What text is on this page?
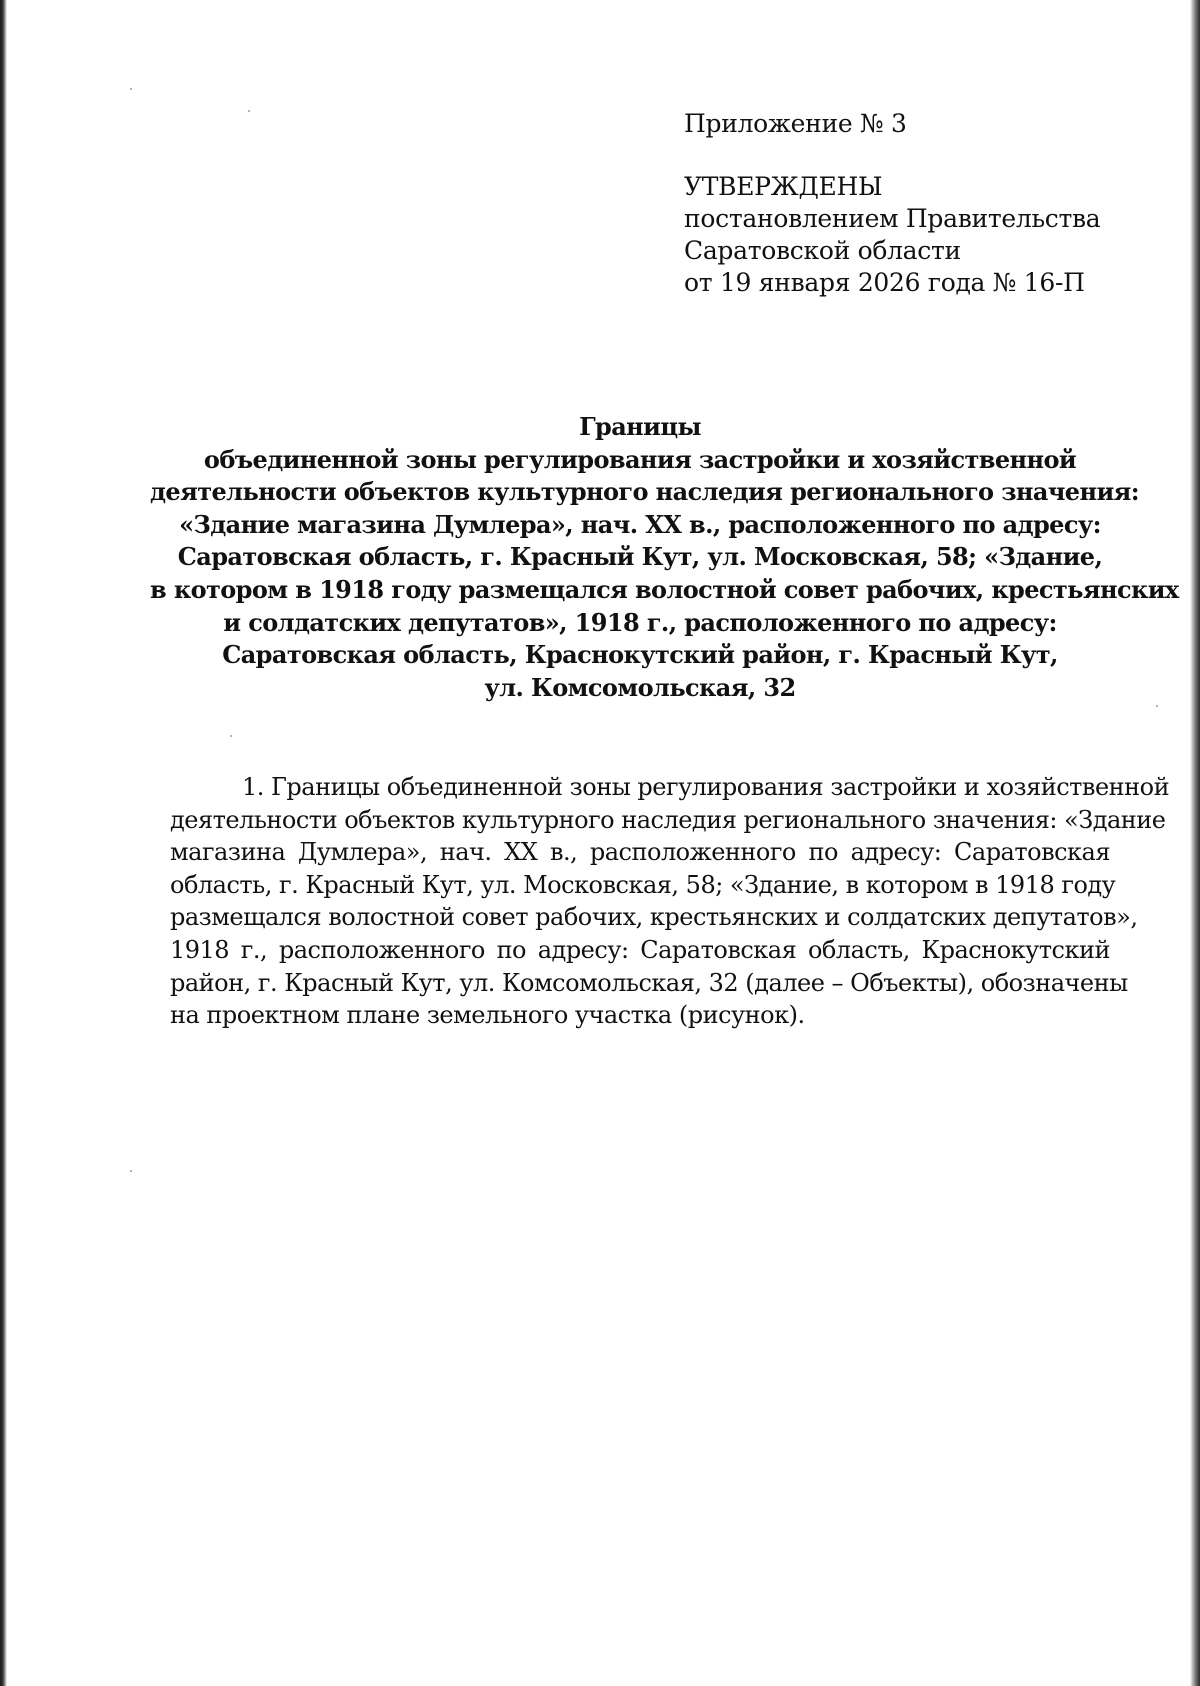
Приложение № 3
УТВЕРЖДЕНЫ
постановлением Правительства
Саратовской области
от 19 января 2026 года № 16-П
Границы
объединенной зоны регулирования застройки и хозяйственной
деятельности объектов культурного наследия регионального значения:
«Здание магазина Думлера», нач. XX в., расположенного по адресу:
Саратовская область, г. Красный Кут, ул. Московская, 58; «Здание,
в котором в 1918 году размещался волостной совет рабочих, крестьянских
и солдатских депутатов», 1918 г., расположенного по адресу:
Саратовская область, Краснокутский район, г. Красный Кут,
ул. Комсомольская, 32
1. Границы объединенной зоны регулирования застройки и хозяйственной
деятельности объектов культурного наследия регионального значения: «Здание
магазина Думлера», нач. XX в., расположенного по адресу: Саратовская
область, г. Красный Кут, ул. Московская, 58; «Здание, в котором в 1918 году
размещался волостной совет рабочих, крестьянских и солдатских депутатов»,
1918 г., расположенного по адресу: Саратовская область, Краснокутский
район, г. Красный Кут, ул. Комсомольская, 32 (далее – Объекты), обозначены
на проектном плане земельного участка (рисунок).
